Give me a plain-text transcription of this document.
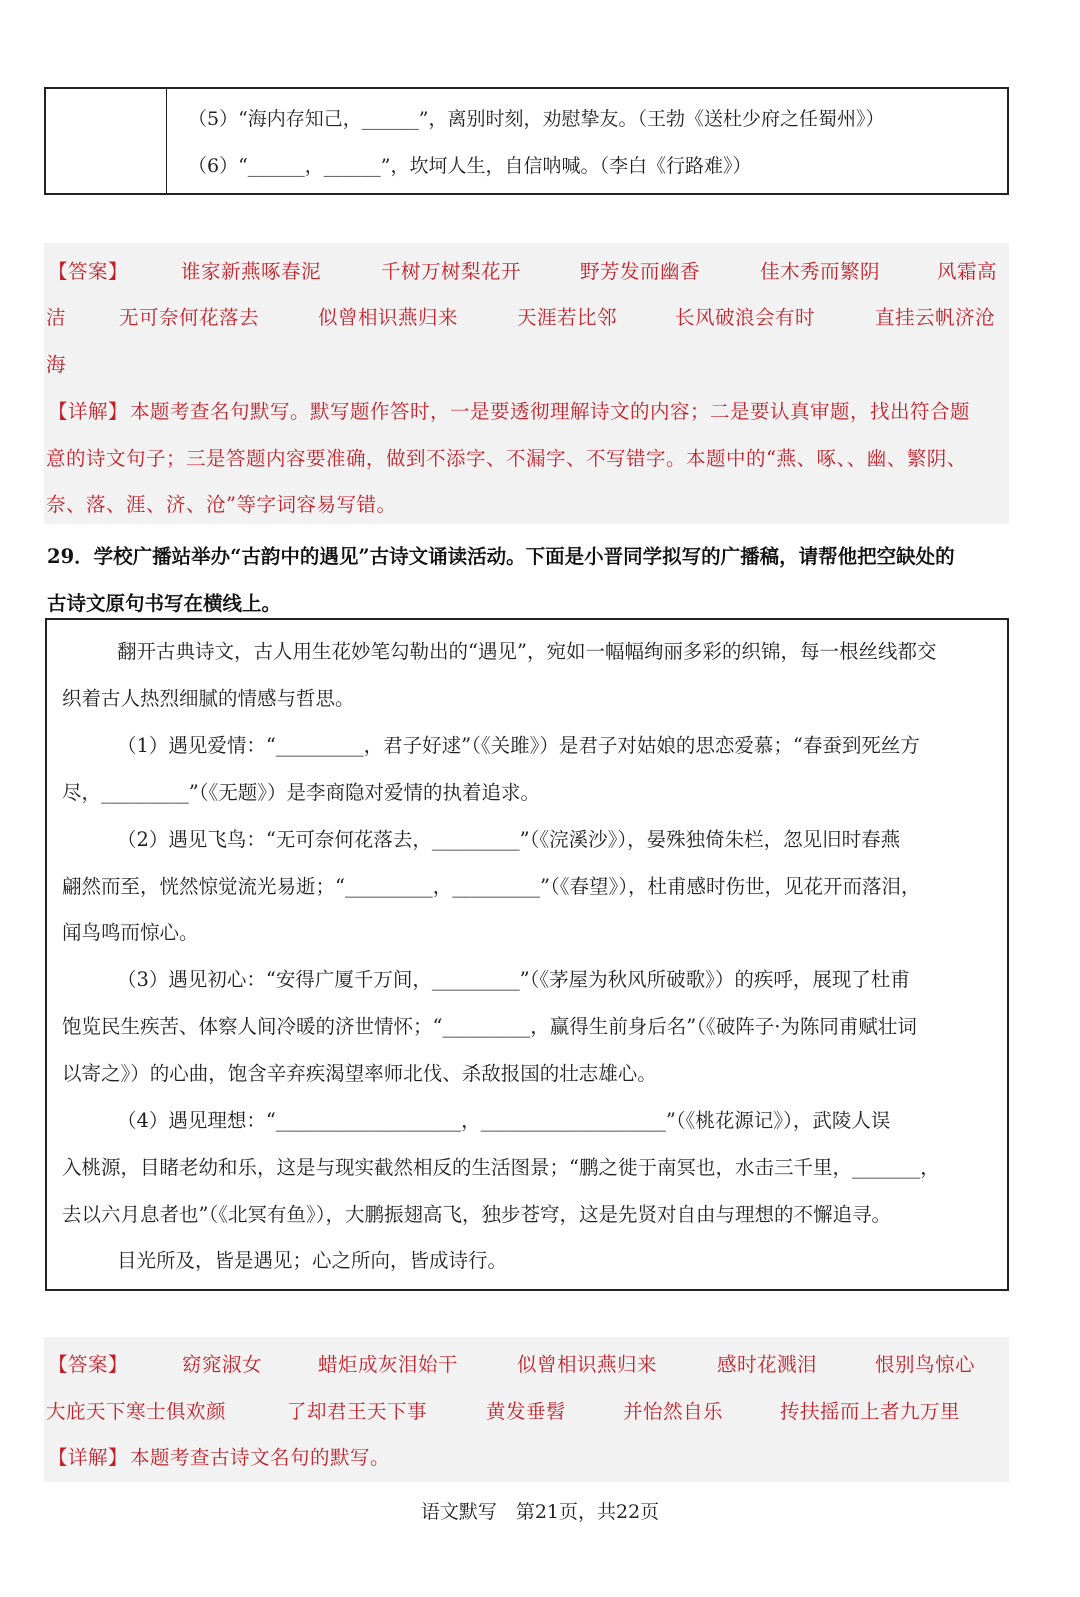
（5）“海内存知己，______”，离别时刻，劝慰挚友。（王勃《送杜少府之任蜀州》）
（6）“______，______”，坎坷人生，自信呐喊。（李白《行路难》）
【答案】	谁家新燕啄春泥	千树万树梨花开	野芳发而幽香	佳木秀而繁阴	风霜高
洁	无可奈何花落去	似曾相识燕归来	天涯若比邻	长风破浪会有时	直挂云帆济沧
海
【详解】 本题考查名句默写。默写题作答时，一是要透彻理解诗文的内容；二是要认真审题，找出符合题
意的诗文句子；三是答题内容要准确，做到不添字、不漏字、不写错字。本题中的“燕、啄、、幽、繁阴、
奈、落、涯、济、沧”等字词容易写错。
29．学校广播站举办“古韵中的遇见”古诗文诵读活动。下面是小晋同学拟写的广播稿，请帮他把空缺处的
古诗文原句书写在横线上。
翻开古典诗文，古人用生花妙笔勾勒出的“遇见”，宛如一幅幅绚丽多彩的织锦，每一根丝线都交
织着古人热烈细腻的情感与哲思。
（1）遇见爱情：“_________，君子好逑”（《关雎》）是君子对姑娘的思恋爱慕；“春蚕到死丝方
尽，_________”（《无题》）是李商隐对爱情的执着追求。
（2）遇见飞鸟：“无可奈何花落去，_________”（《浣溪沙》），晏殊独倚朱栏，忽见旧时春燕
翩然而至，恍然惊觉流光易逝；“_________，_________”（《春望》），杜甫感时伤世，见花开而落泪，
闻鸟鸣而惊心。
（3）遇见初心：“安得广厦千万间，_________”（《茅屋为秋风所破歌》）的疾呼，展现了杜甫
饱览民生疾苦、体察人间冷暖的济世情怀；“_________，赢得生前身后名”（《破阵子·为陈同甫赋壮词
以寄之》）的心曲，饱含辛弃疾渴望率师北伐、杀敌报国的壮志雄心。
（4）遇见理想：“___________________，___________________”（《桃花源记》），武陵人误
入桃源，目睹老幼和乐，这是与现实截然相反的生活图景；“鹏之徙于南冥也，水击三千里，_______，
去以六月息者也”（《北冥有鱼》），大鹏振翅高飞，独步苍穹，这是先贤对自由与理想的不懈追寻。
目光所及，皆是遇见；心之所向，皆成诗行。
【答案】	窈窕淑女	蜡炬成灰泪始干	似曾相识燕归来	感时花溅泪	恨别鸟惊心
大庇天下寒士俱欢颜	了却君王天下事	黄发垂髫	并怡然自乐	抟扶摇而上者九万里
【详解】 本题考查古诗文名句的默写。
语文默写　第21页，共22页
